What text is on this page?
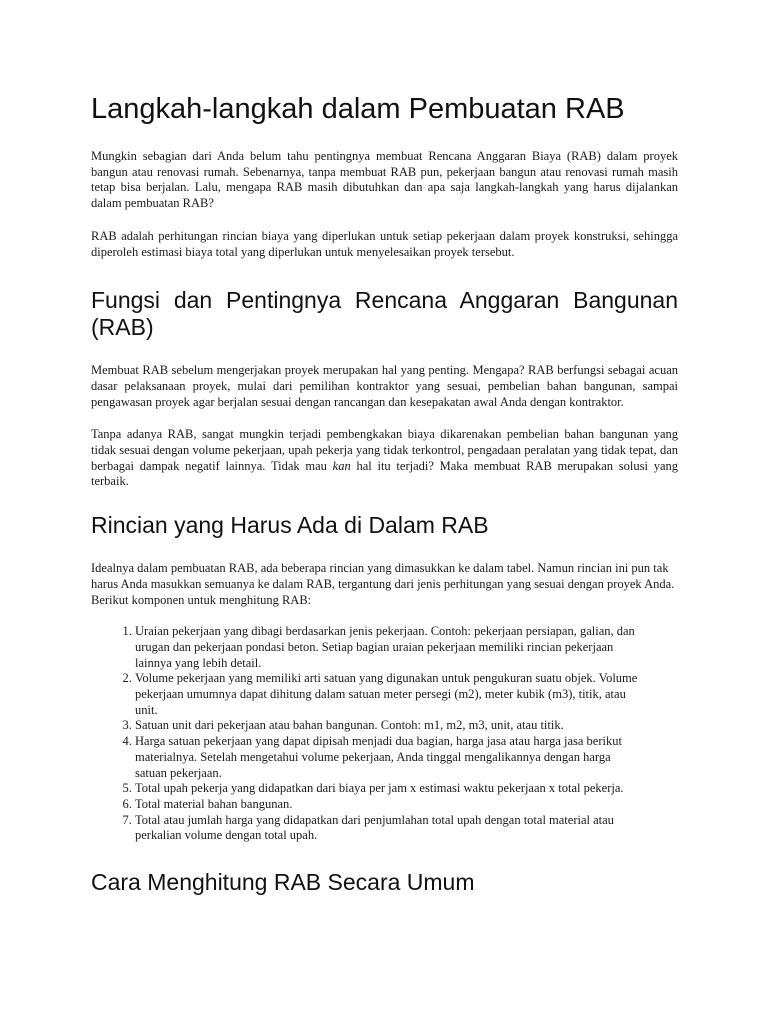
Langkah-langkah dalam Pembuatan RAB

Mungkin sebagian dari Anda belum tahu pentingnya membuat Rencana Anggaran Biaya (RAB) dalam proyek bangun atau renovasi rumah. Sebenarnya, tanpa membuat RAB pun, pekerjaan bangun atau renovasi rumah masih tetap bisa berjalan. Lalu, mengapa RAB masih dibutuhkan dan apa saja langkah-langkah yang harus dijalankan dalam pembuatan RAB?

RAB adalah perhitungan rincian biaya yang diperlukan untuk setiap pekerjaan dalam proyek konstruksi, sehingga diperoleh estimasi biaya total yang diperlukan untuk menyelesaikan proyek tersebut.

Fungsi dan Pentingnya Rencana Anggaran Bangunan (RAB)

Membuat RAB sebelum mengerjakan proyek merupakan hal yang penting. Mengapa? RAB berfungsi sebagai acuan dasar pelaksanaan proyek, mulai dari pemilihan kontraktor yang sesuai, pembelian bahan bangunan, sampai pengawasan proyek agar berjalan sesuai dengan rancangan dan kesepakatan awal Anda dengan kontraktor.

Tanpa adanya RAB, sangat mungkin terjadi pembengkakan biaya dikarenakan pembelian bahan bangunan yang tidak sesuai dengan volume pekerjaan, upah pekerja yang tidak terkontrol, pengadaan peralatan yang tidak tepat, dan berbagai dampak negatif lainnya. Tidak mau kan hal itu terjadi? Maka membuat RAB merupakan solusi yang terbaik.

Rincian yang Harus Ada di Dalam RAB

Idealnya dalam pembuatan RAB, ada beberapa rincian yang dimasukkan ke dalam tabel. Namun rincian ini pun tak harus Anda masukkan semuanya ke dalam RAB, tergantung dari jenis perhitungan yang sesuai dengan proyek Anda. Berikut komponen untuk menghitung RAB:

1. Uraian pekerjaan yang dibagi berdasarkan jenis pekerjaan. Contoh: pekerjaan persiapan, galian, dan urugan dan pekerjaan pondasi beton. Setiap bagian uraian pekerjaan memiliki rincian pekerjaan lainnya yang lebih detail.
2. Volume pekerjaan yang memiliki arti satuan yang digunakan untuk pengukuran suatu objek. Volume pekerjaan umumnya dapat dihitung dalam satuan meter persegi (m2), meter kubik (m3), titik, atau unit.
3. Satuan unit dari pekerjaan atau bahan bangunan. Contoh: m1, m2, m3, unit, atau titik.
4. Harga satuan pekerjaan yang dapat dipisah menjadi dua bagian, harga jasa atau harga jasa berikut materialnya. Setelah mengetahui volume pekerjaan, Anda tinggal mengalikannya dengan harga satuan pekerjaan.
5. Total upah pekerja yang didapatkan dari biaya per jam x estimasi waktu pekerjaan x total pekerja.
6. Total material bahan bangunan.
7. Total atau jumlah harga yang didapatkan dari penjumlahan total upah dengan total material atau perkalian volume dengan total upah.
Cara Menghitung RAB Secara Umum
